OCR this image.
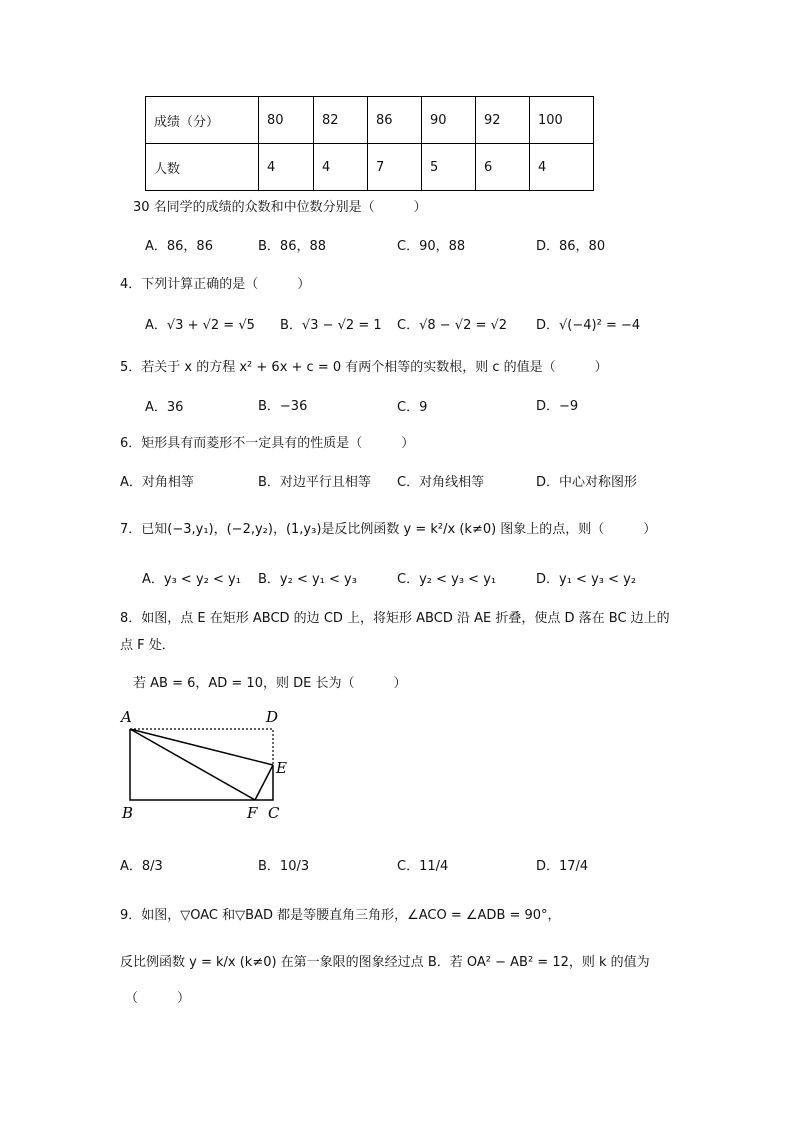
成绩（分）	80	82	86	90	92	100
人数	4	4	7	5	6	4
30 名同学的成绩的众数和中位数分别是（　　　）
A．86，86	B．86，88	C．90，88	D．86，80
4．下列计算正确的是（　　　）
A．√3 + √2 = √5 B．√3 − √2 = 1 C．√8 − √2 = √2 D．√(−4)² = −4
5．若关于 x 的方程 x² + 6x + c = 0 有两个相等的实数根，则 c 的值是（　　　）
A．36	B．−36	C．9	D．−9
6．矩形具有而菱形不一定具有的性质是（　　　）
A．对角相等	B．对边平行且相等 C．对角线相等	D．中心对称图形
7．已知(−3,y₁)，(−2,y₂)，(1,y₃)是反比例函数 y = k²/x (k≠0) 图象上的点，则（　　　）
A．y₃ < y₂ < y₁ B．y₂ < y₁ < y₃	C．y₂ < y₃ < y₁	D．y₁ < y₃ < y₂
8．如图，点 E 在矩形 ABCD 的边 CD 上，将矩形 ABCD 沿 AE 折叠，使点 D 落在 BC 边上的
点 F 处．
若 AB = 6，AD = 10，则 DE 长为（　　　）
A	D
E
B	F C
A．8/3	B．10/3	C．11/4	D．17/4
9．如图，▽OAC 和▽BAD 都是等腰直角三角形，∠ACO = ∠ADB = 90°，
反比例函数 y = k/x (k≠0) 在第一象限的图象经过点 B．若 OA² − AB² = 12，则 k 的值为
（　　　）
